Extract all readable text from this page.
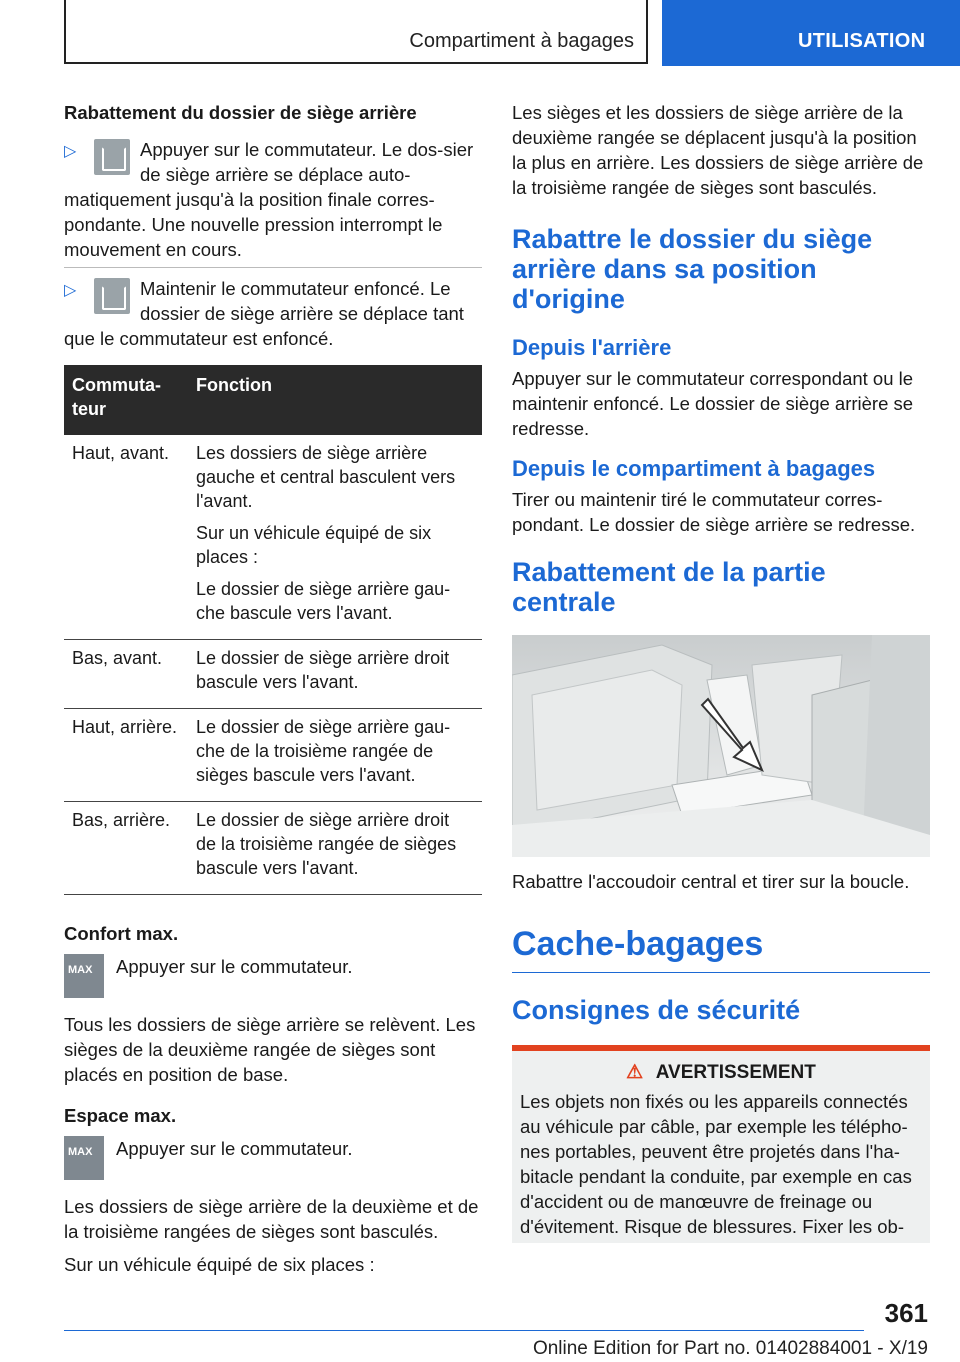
Compartiment à bagages	UTILISATION
Rabattement du dossier de siège arrière
▷	Appuyer sur le commutateur. Le dos-sier de siège arrière se déplace auto-matiquement jusqu'à la position finale corres-pondante. Une nouvelle pression interrompt le mouvement en cours.
▷	Maintenir le commutateur enfoncé. Le dossier de siège arrière se déplace tant que le commutateur est enfoncé.
Commuta-teur	Fonction
Haut, avant.	Les dossiers de siège arrière gauche et central basculent vers l'avant.

Sur un véhicule équipé de six places :

Le dossier de siège arrière gau-che bascule vers l'avant.

Bas, avant.	Le dossier de siège arrière droit bascule vers l'avant.
Haut, arrière.	Le dossier de siège arrière gau-che de la troisième rangée de sièges bascule vers l'avant.
Bas, arrière.	Le dossier de siège arrière droit de la troisième rangée de sièges bascule vers l'avant.
Confort max.
MAX Appuyer sur le commutateur.
Tous les dossiers de siège arrière se relèvent. Les sièges de la deuxième rangée de sièges sont placés en position de base.
Espace max.
MAX Appuyer sur le commutateur.
Les dossiers de siège arrière de la deuxième et de la troisième rangées de sièges sont basculés.
Sur un véhicule équipé de six places :
Les sièges et les dossiers de siège arrière de la deuxième rangée se déplacent jusqu'à la position la plus en arrière. Les dossiers de siège arrière de la troisième rangée de sièges sont basculés.
Rabattre le dossier du siège arrière dans sa position d'origine
Depuis l'arrière
Appuyer sur le commutateur correspondant ou le maintenir enfoncé. Le dossier de siège arrière se redresse.
Depuis le compartiment à bagages
Tirer ou maintenir tiré le commutateur corres-pondant. Le dossier de siège arrière se redresse.
Rabattement de la partie centrale
Rabattre l'accoudoir central et tirer sur la boucle.
Cache-bagages
Consignes de sécurité
⚠ AVERTISSEMENT
Les objets non fixés ou les appareils connectés au véhicule par câble, par exemple les télépho-nes portables, peuvent être projetés dans l'ha-bitacle pendant la conduite, par exemple en cas d'accident ou de manœuvre de freinage ou d'évitement. Risque de blessures. Fixer les ob-
361
Online Edition for Part no. 01402884001 - X/19
